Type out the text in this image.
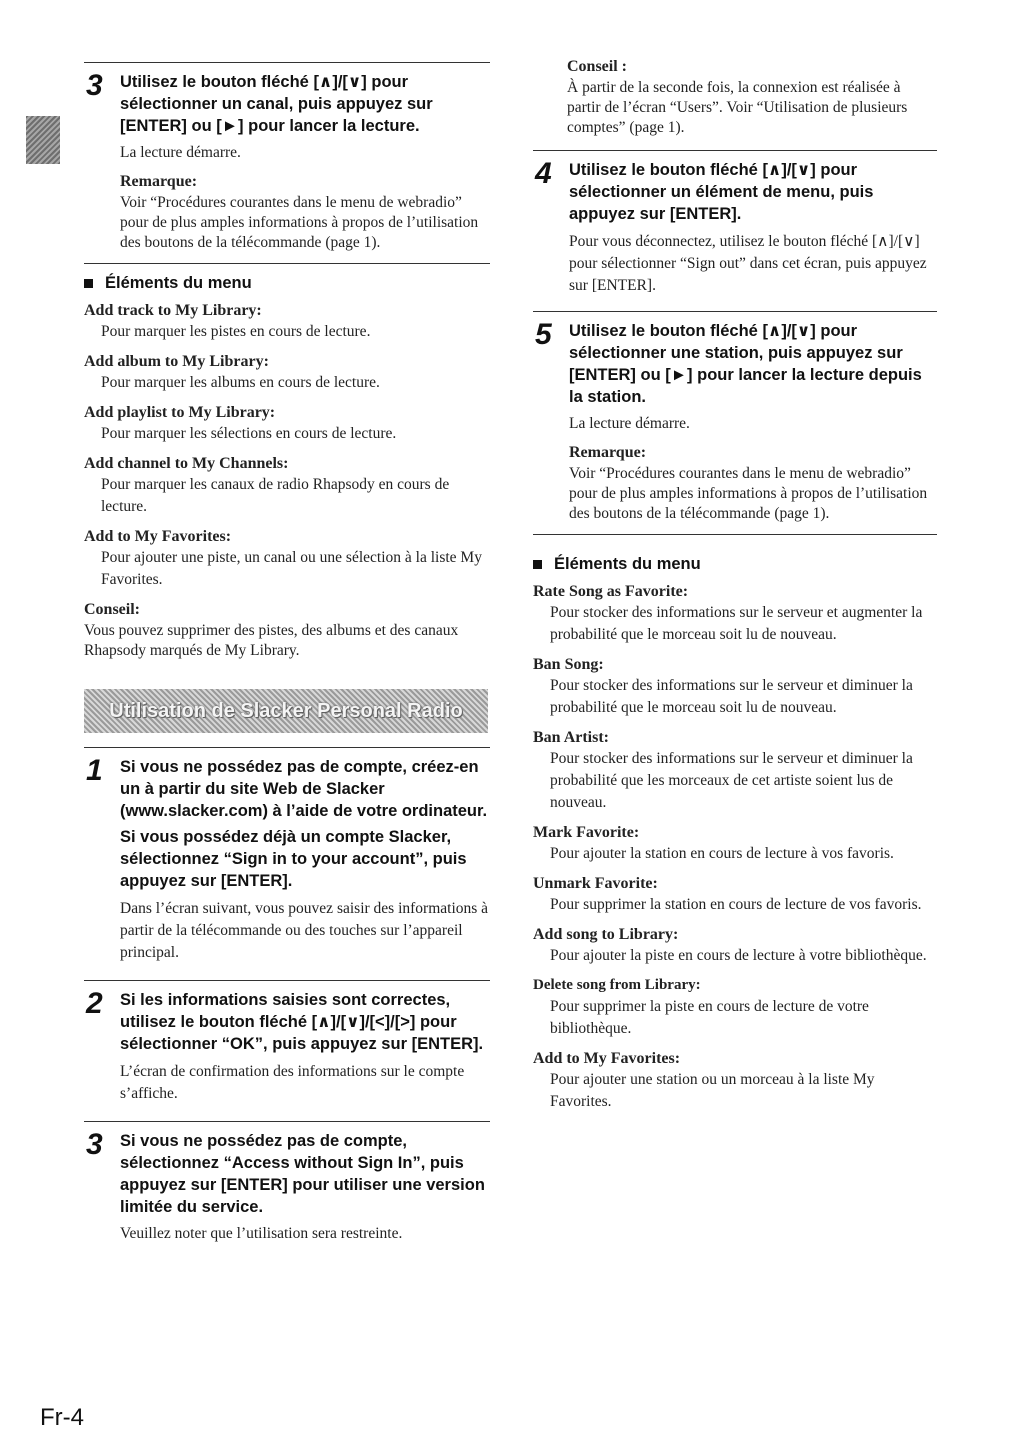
3 Utilisez le bouton fléché [∧]/[∨] pour sélectionner un canal, puis appuyez sur [ENTER] ou [►] pour lancer la lecture.

La lecture démarre.

Remarque:

Voir “Procédures courantes dans le menu de webradio” pour de plus amples informations à propos de l’utilisation des boutons de la télécommande (page 1).

Éléments du menu

Add track to My Library:

Pour marquer les pistes en cours de lecture.

Add album to My Library:

Pour marquer les albums en cours de lecture.

Add playlist to My Library:

Pour marquer les sélections en cours de lecture.

Add channel to My Channels:

Pour marquer les canaux de radio Rhapsody en cours de lecture.

Add to My Favorites:

Pour ajouter une piste, un canal ou une sélection à la liste My Favorites.

Conseil:

Vous pouvez supprimer des pistes, des albums et des canaux Rhapsody marqués de My Library.

Utilisation de Slacker Personal Radio
1 Si vous ne possédez pas de compte, créez-en un à partir du site Web de Slacker (www.slacker.com) à l’aide de votre ordinateur.

Si vous possédez déjà un compte Slacker, sélectionnez “Sign in to your account”, puis appuyez sur [ENTER].

Dans l’écran suivant, vous pouvez saisir des informations à partir de la télécommande ou des touches sur l’appareil principal.

2 Si les informations saisies sont correctes, utilisez le bouton fléché [∧]/[∨]/[<]/[>] pour sélectionner “OK”, puis appuyez sur [ENTER].

L’écran de confirmation des informations sur le compte s’affiche.

3 Si vous ne possédez pas de compte, sélectionnez “Access without Sign In”, puis appuyez sur [ENTER] pour utiliser une version limitée du service.

Veuillez noter que l’utilisation sera restreinte.

Conseil :

À partir de la seconde fois, la connexion est réalisée à partir de l’écran “Users”. Voir “Utilisation de plusieurs comptes” (page 1).

4 Utilisez le bouton fléché [∧]/[∨] pour sélectionner un élément de menu, puis appuyez sur [ENTER].

Pour vous déconnectez, utilisez le bouton fléché [∧]/[∨] pour sélectionner “Sign out” dans cet écran, puis appuyez sur [ENTER].

5 Utilisez le bouton fléché [∧]/[∨] pour sélectionner une station, puis appuyez sur [ENTER] ou [►] pour lancer la lecture depuis la station.

La lecture démarre.

Remarque:

Voir “Procédures courantes dans le menu de webradio” pour de plus amples informations à propos de l’utilisation des boutons de la télécommande (page 1).

Éléments du menu

Rate Song as Favorite:

Pour stocker des informations sur le serveur et augmenter la probabilité que le morceau soit lu de nouveau.

Ban Song:

Pour stocker des informations sur le serveur et diminuer la probabilité que le morceau soit lu de nouveau.

Ban Artist:

Pour stocker des informations sur le serveur et diminuer la probabilité que les morceaux de cet artiste soient lus de nouveau.

Mark Favorite:

Pour ajouter la station en cours de lecture à vos favoris.

Unmark Favorite:

Pour supprimer la station en cours de lecture de vos favoris.

Add song to Library:

Pour ajouter la piste en cours de lecture à votre bibliothèque.

Delete song from Library:

Pour supprimer la piste en cours de lecture de votre bibliothèque.

Add to My Favorites:

Pour ajouter une station ou un morceau à la liste My Favorites.

Fr-4
